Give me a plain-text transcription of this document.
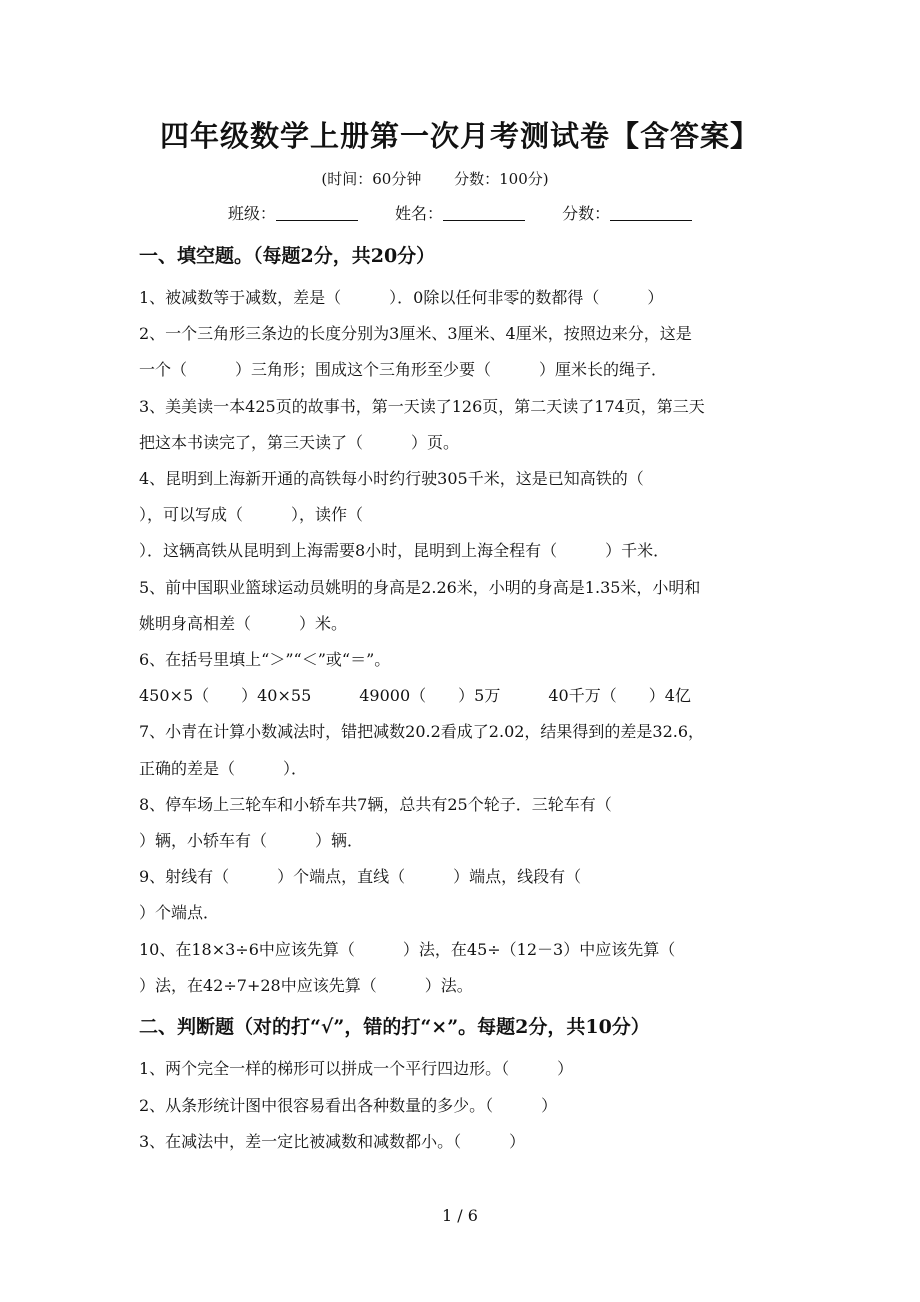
四年级数学上册第一次月考测试卷【含答案】
(时间：60分钟 分数：100分)
班级：	姓名：	分数：
一、填空题。（每题2分，共20分）
1、被减数等于减数，差是（　　　）．0除以任何非零的数都得（　　　）
2、一个三角形三条边的长度分别为3厘米、3厘米、4厘米，按照边来分，这是
一个（　　　）三角形；围成这个三角形至少要（　　　）厘米长的绳子．
3、美美读一本425页的故事书，第一天读了126页，第二天读了174页，第三天
把这本书读完了，第三天读了（　　　）页。
4、昆明到上海新开通的高铁每小时约行驶305千米，这是已知高铁的（
），可以写成（　　　），读作（
）．这辆高铁从昆明到上海需要8小时，昆明到上海全程有（　　　）千米．
5、前中国职业篮球运动员姚明的身高是2.26米，小明的身高是1.35米，小明和
姚明身高相差（　　　）米。
6、在括号里填上“＞”“＜”或“＝”。
450×5（　　）40×55　　　49000（　　）5万　　　40千万（　　）4亿
7、小青在计算小数减法时，错把减数20.2看成了2.02，结果得到的差是32.6，
正确的差是（　　　）．
8、停车场上三轮车和小轿车共7辆，总共有25个轮子．三轮车有（
）辆，小轿车有（　　　）辆．
9、射线有（　　　）个端点，直线（　　　）端点，线段有（
）个端点．
10、在18×3÷6中应该先算（　　　）法，在45÷（12－3）中应该先算（
）法，在42÷7+28中应该先算（　　　）法。
二、判断题（对的打“√”，错的打“×”。每题2分，共10分）
1、两个完全一样的梯形可以拼成一个平行四边形。（　　　）
2、从条形统计图中很容易看出各种数量的多少。（　　　）
3、在减法中，差一定比被减数和减数都小。（　　　）
1 / 6
